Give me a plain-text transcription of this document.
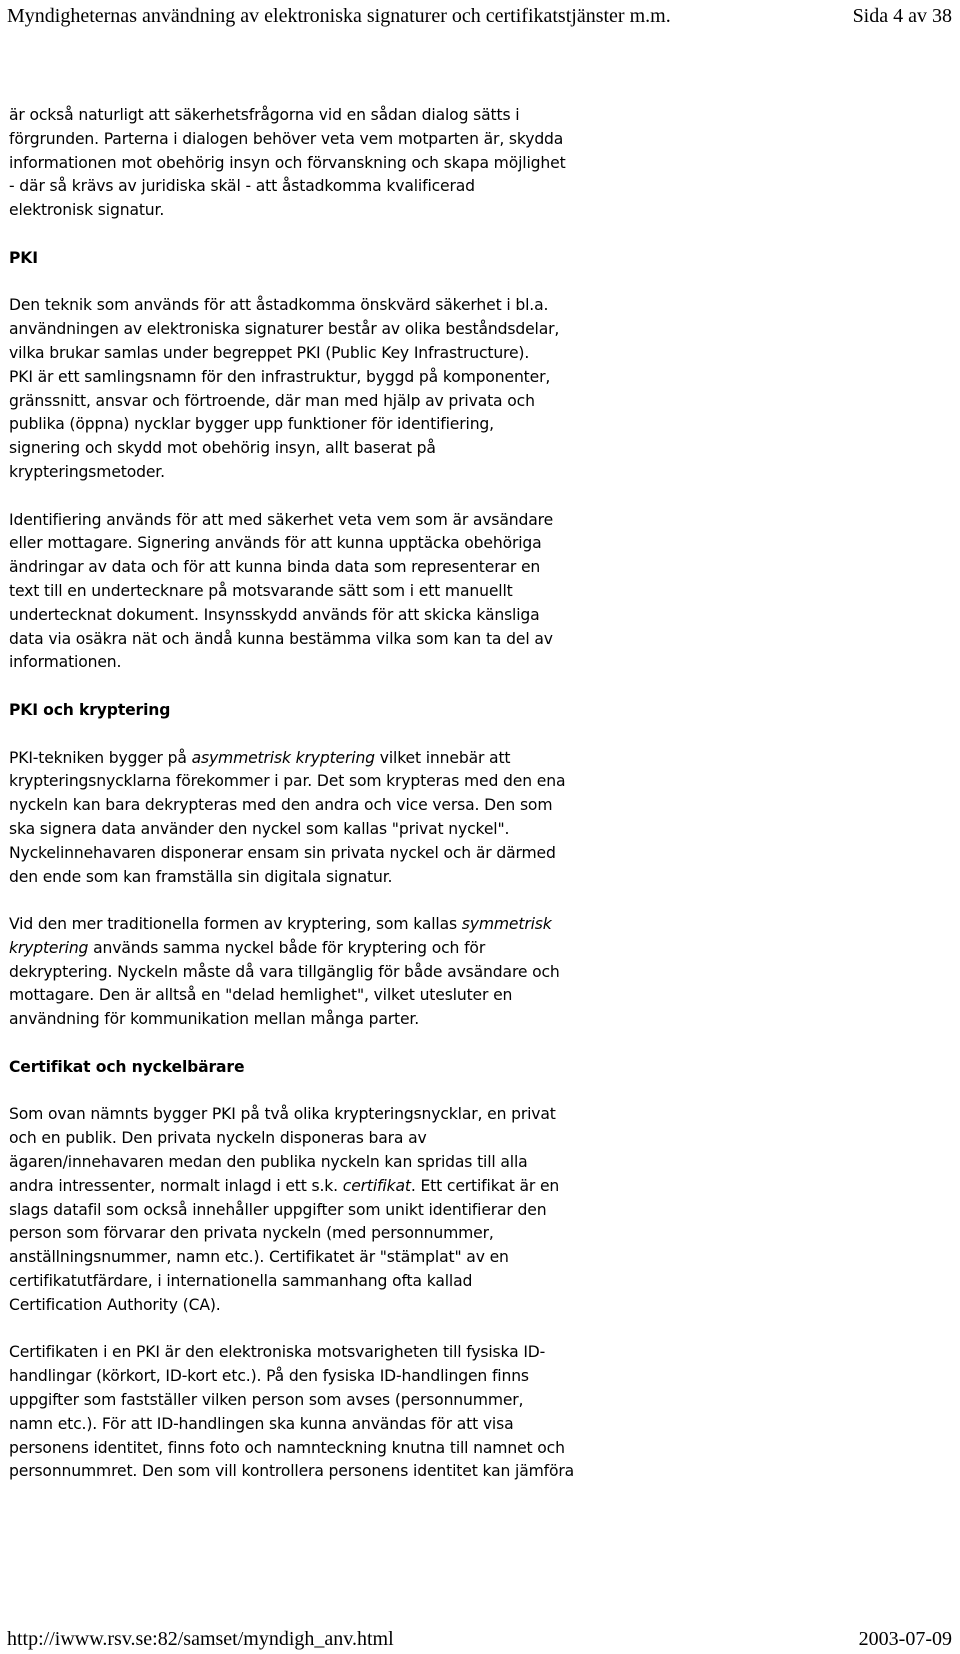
Myndigheternas användning av elektroniska signaturer och certifikatstjänster m.m.	Sida 4 av 38
är också naturligt att säkerhetsfrågorna vid en sådan dialog sätts i
förgrunden. Parterna i dialogen behöver veta vem motparten är, skydda
informationen mot obehörig insyn och förvanskning och skapa möjlighet
- där så krävs av juridiska skäl - att åstadkomma kvalificerad
elektronisk signatur.
PKI
Den teknik som används för att åstadkomma önskvärd säkerhet i bl.a.
användningen av elektroniska signaturer består av olika beståndsdelar,
vilka brukar samlas under begreppet PKI (Public Key Infrastructure).
PKI är ett samlingsnamn för den infrastruktur, byggd på komponenter,
gränssnitt, ansvar och förtroende, där man med hjälp av privata och
publika (öppna) nycklar bygger upp funktioner för identifiering,
signering och skydd mot obehörig insyn, allt baserat på
krypteringsmetoder.
Identifiering används för att med säkerhet veta vem som är avsändare
eller mottagare. Signering används för att kunna upptäcka obehöriga
ändringar av data och för att kunna binda data som representerar en
text till en undertecknare på motsvarande sätt som i ett manuellt
undertecknat dokument. Insynsskydd används för att skicka känsliga
data via osäkra nät och ändå kunna bestämma vilka som kan ta del av
informationen.
PKI och kryptering
PKI-tekniken bygger på asymmetrisk kryptering vilket innebär att
krypteringsnycklarna förekommer i par. Det som krypteras med den ena
nyckeln kan bara dekrypteras med den andra och vice versa. Den som
ska signera data använder den nyckel som kallas "privat nyckel".
Nyckelinnehavaren disponerar ensam sin privata nyckel och är därmed
den ende som kan framställa sin digitala signatur.
Vid den mer traditionella formen av kryptering, som kallas symmetrisk
kryptering används samma nyckel både för kryptering och för
dekryptering. Nyckeln måste då vara tillgänglig för både avsändare och
mottagare. Den är alltså en "delad hemlighet", vilket utesluter en
användning för kommunikation mellan många parter.
Certifikat och nyckelbärare
Som ovan nämnts bygger PKI på två olika krypteringsnycklar, en privat
och en publik. Den privata nyckeln disponeras bara av
ägaren/innehavaren medan den publika nyckeln kan spridas till alla
andra intressenter, normalt inlagd i ett s.k. certifikat. Ett certifikat är en
slags datafil som också innehåller uppgifter som unikt identifierar den
person som förvarar den privata nyckeln (med personnummer,
anställningsnummer, namn etc.). Certifikatet är "stämplat" av en
certifikatutfärdare, i internationella sammanhang ofta kallad
Certification Authority (CA).
Certifikaten i en PKI är den elektroniska motsvarigheten till fysiska ID-
handlingar (körkort, ID-kort etc.). På den fysiska ID-handlingen finns
uppgifter som fastställer vilken person som avses (personnummer,
namn etc.). För att ID-handlingen ska kunna användas för att visa
personens identitet, finns foto och namnteckning knutna till namnet och
personnummret. Den som vill kontrollera personens identitet kan jämföra
http://iwww.rsv.se:82/samset/myndigh_anv.html	2003-07-09
